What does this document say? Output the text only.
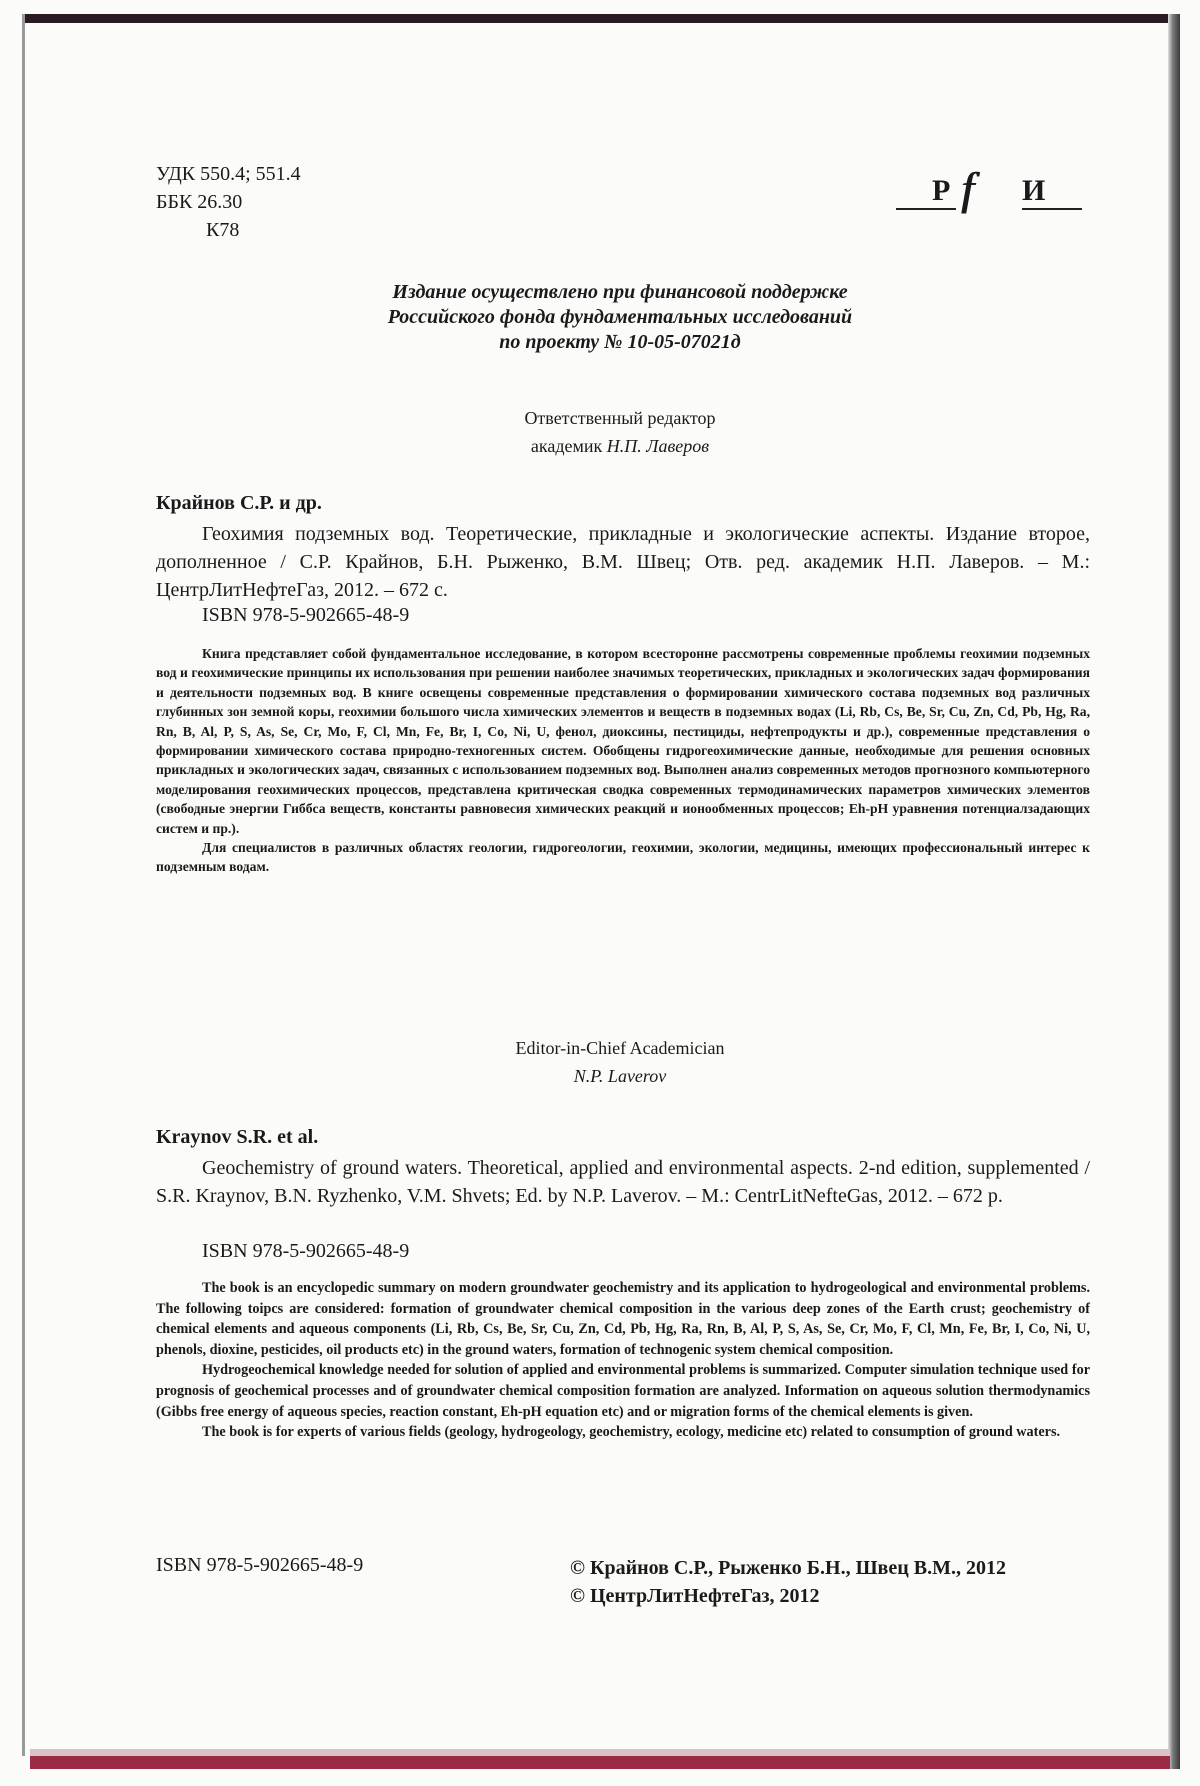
УДК 550.4; 551.4
ББК 26.30
К78
Р И
Издание осуществлено при финансовой поддержке
Российского фонда фундаментальных исследований
по проекту № 10-05-07021д
Ответственный редактор
академик Н.П. Лаверов
Крайнов С.Р. и др.
Геохимия подземных вод. Теоретические, прикладные и экологические аспекты. Издание второе, дополненное / С.Р. Крайнов, Б.Н. Рыженко, В.М. Швец; Отв. ред. академик Н.П. Лаверов. – М.: ЦентрЛитНефтеГаз, 2012. – 672 с.
ISBN 978-5-902665-48-9

Книга представляет собой фундаментальное исследование, в котором всесторонне рассмотрены современные проблемы геохимии подземных вод и геохимические принципы их использования при решении наиболее значимых теоретических, прикладных и экологических задач формирования и деятельности подземных вод. В книге освещены современные представления о формировании химического состава подземных вод различных глубинных зон земной коры, геохимии большого числа химических элементов и веществ в подземных водах (Li, Rb, Cs, Be, Sr, Cu, Zn, Cd, Pb, Hg, Ra, Rn, B, Al, P, S, As, Se, Cr, Mo, F, Cl, Mn, Fe, Br, I, Co, Ni, U, фенол, диоксины, пестициды, нефтепродукты и др.), современные представления о формировании химического состава природно-техногенных систем. Обобщены гидрогеохимические данные, необходимые для решения основных прикладных и экологических задач, связанных с использованием подземных вод. Выполнен анализ современных методов прогнозного компьютерного моделирования геохимических процессов, представлена критическая сводка современных термодинамических параметров химических элементов (свободные энергии Гиббса веществ, константы равновесия химических реакций и ионообменных процессов; Eh-pH уравнения потенциалзадающих систем и пр.).

Для специалистов в различных областях геологии, гидрогеологии, геохимии, экологии, медицины, имеющих профессиональный интерес к подземным водам.

Editor-in-Chief Academician
N.P. Laverov
Kraynov S.R. et al.
Geochemistry of ground waters. Theoretical, applied and environmental aspects. 2-nd edition, supplemented / S.R. Kraynov, B.N. Ryzhenko, V.M. Shvets; Ed. by N.P. Laverov. – M.: CentrLitNefteGas, 2012. – 672 p.
ISBN 978-5-902665-48-9

The book is an encyclopedic summary on modern groundwater geochemistry and its application to hydrogeological and environmental problems. The following toipcs are considered: formation of groundwater chemical composition in the various deep zones of the Earth crust; geochemistry of chemical elements and aqueous components (Li, Rb, Cs, Be, Sr, Cu, Zn, Cd, Pb, Hg, Ra, Rn, B, Al, P, S, As, Se, Cr, Mo, F, Cl, Mn, Fe, Br, I, Co, Ni, U, phenols, dioxine, pesticides, oil products etc) in the ground waters, formation of technogenic system chemical composition.

Hydrogeochemical knowledge needed for solution of applied and environmental problems is summarized. Computer simulation technique used for prognosis of geochemical processes and of groundwater chemical composition formation are analyzed. Information on aqueous solution thermodynamics (Gibbs free energy of aqueous species, reaction constant, Eh-pH equation etc) and or migration forms of the chemical elements is given.

The book is for experts of various fields (geology, hydrogeology, geochemistry, ecology, medicine etc) related to consumption of ground waters.

ISBN 978-5-902665-48-9	© Крайнов С.Р., Рыженко Б.Н., Швец В.М., 2012
© ЦентрЛитНефтеГаз, 2012
